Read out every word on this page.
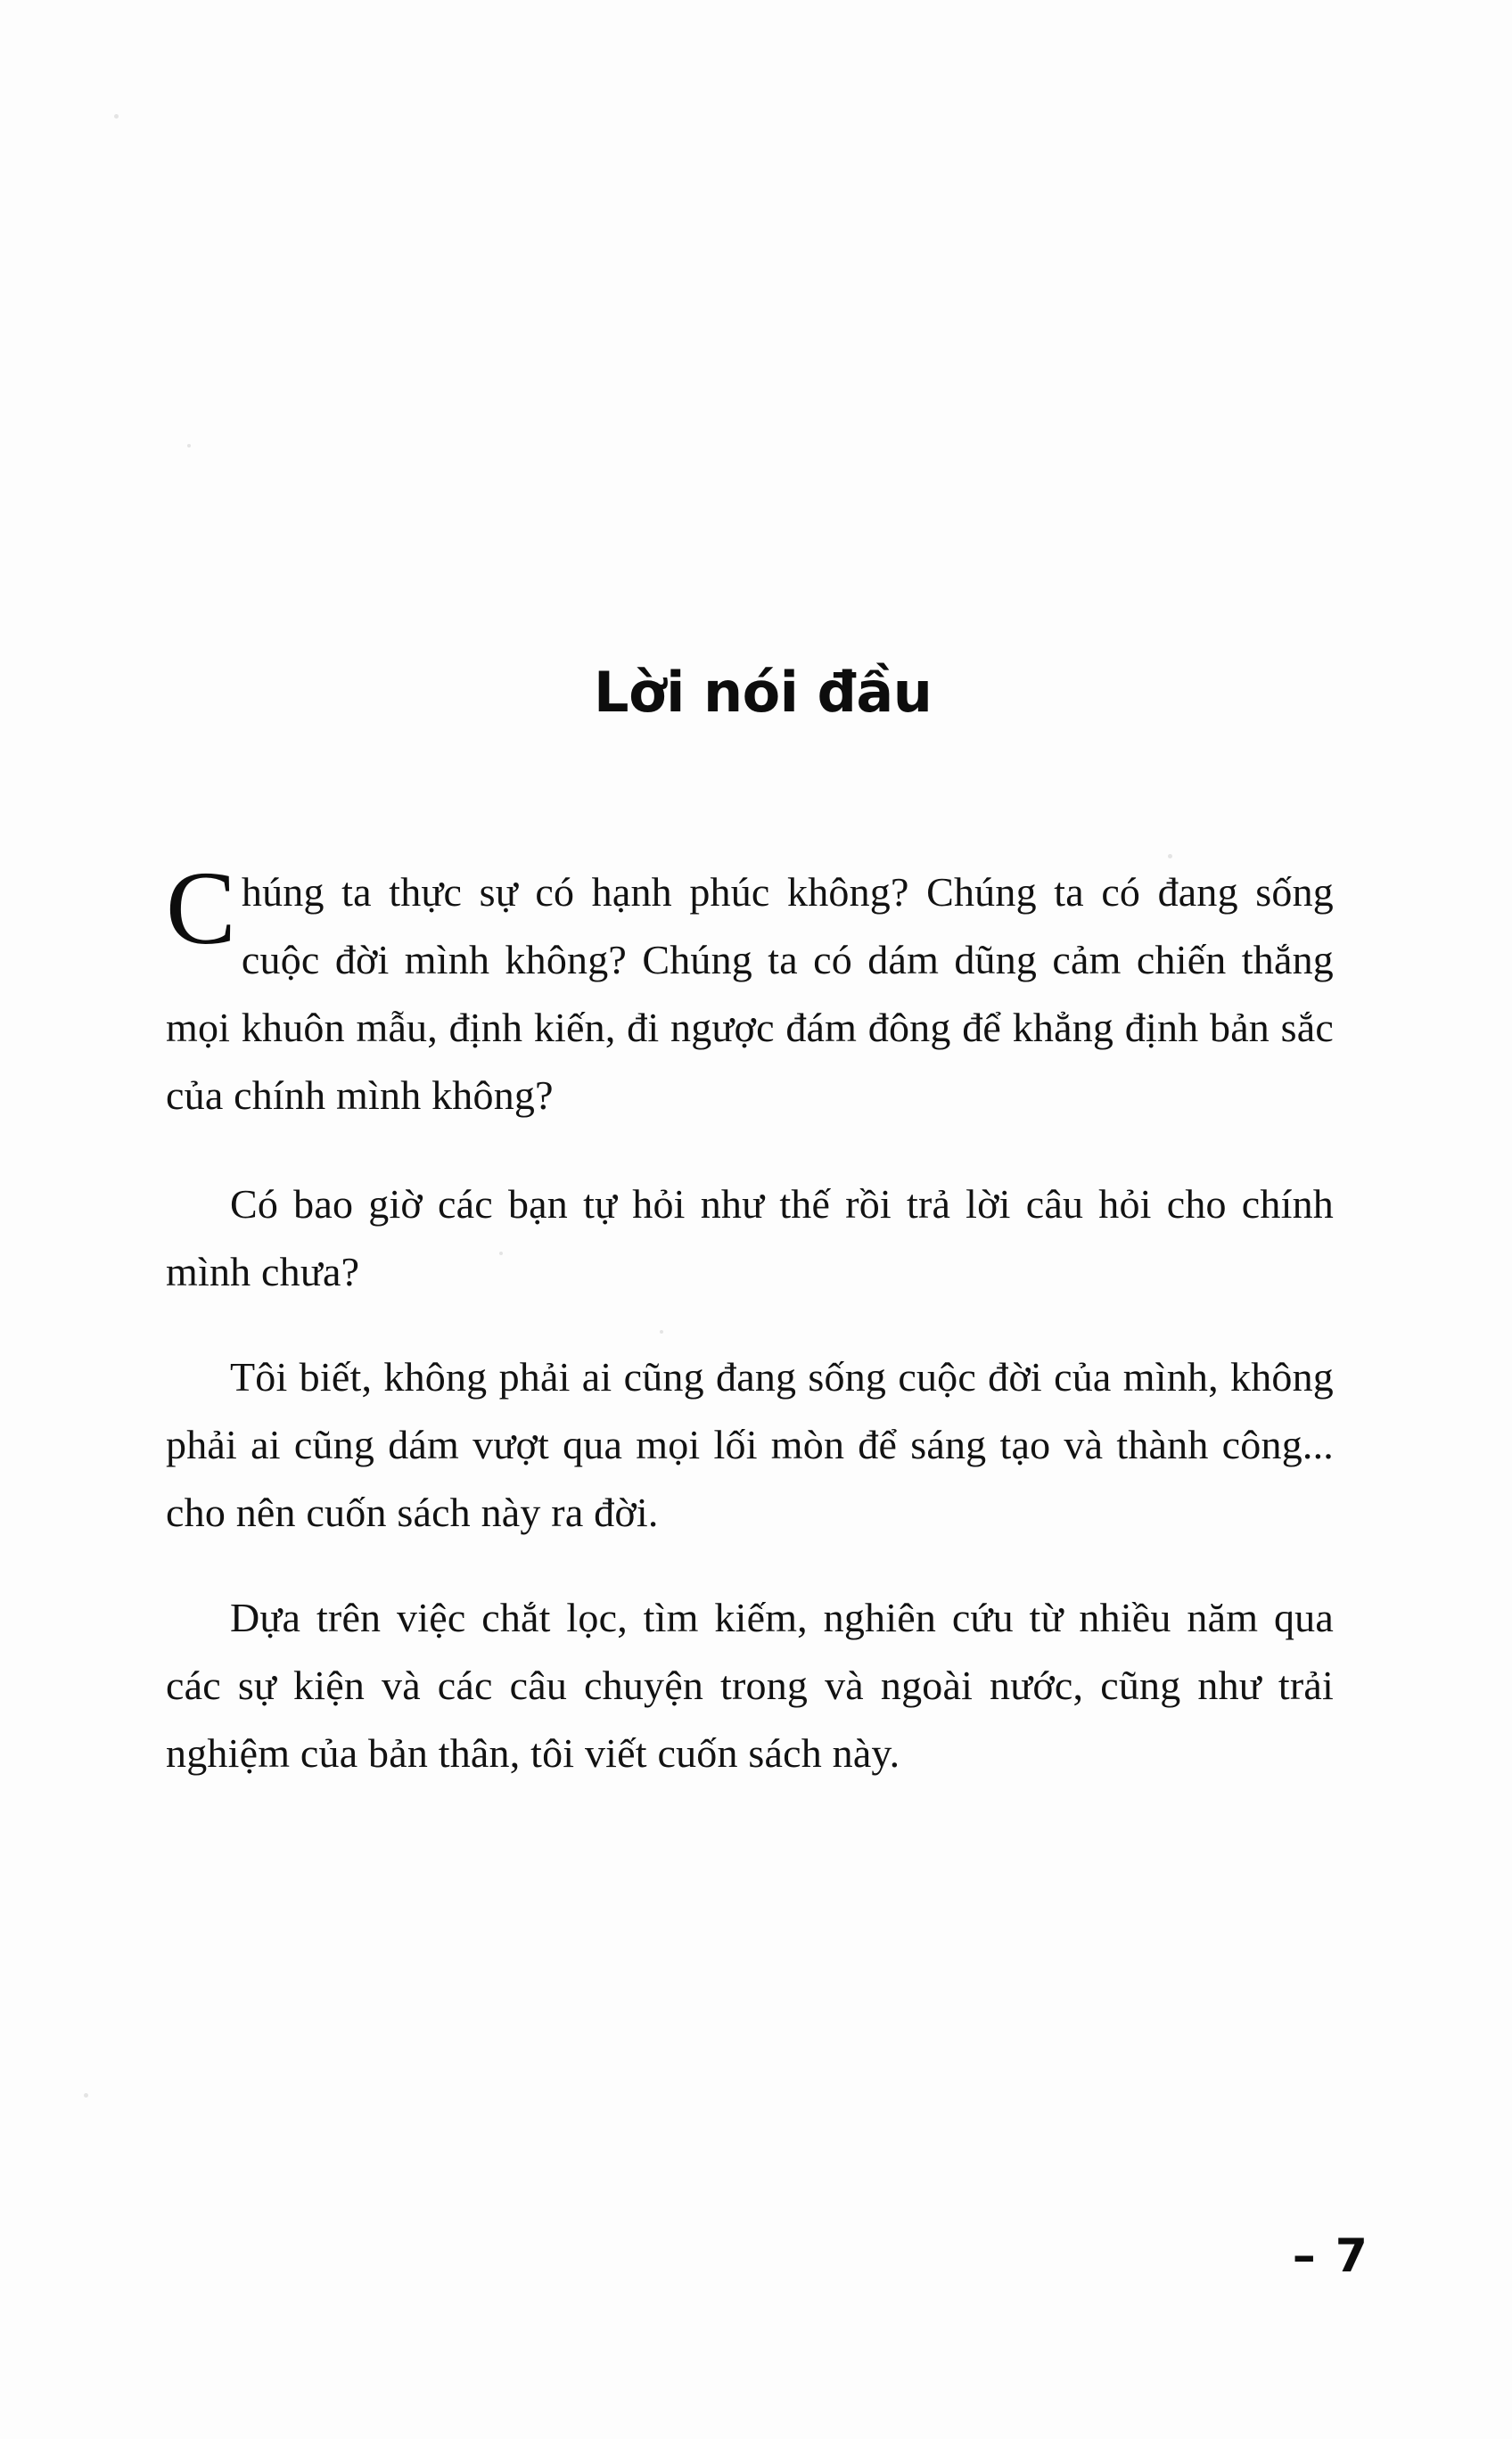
Lời nói đầu

Chúng ta thực sự có hạnh phúc không? Chúng ta có đang sống cuộc đời mình không? Chúng ta có dám dũng cảm chiến thắng mọi khuôn mẫu, định kiến, đi ngược đám đông để khẳng định bản sắc của chính mình không?

Có bao giờ các bạn tự hỏi như thế rồi trả lời câu hỏi cho chính mình chưa?

Tôi biết, không phải ai cũng đang sống cuộc đời của mình, không phải ai cũng dám vượt qua mọi lối mòn để sáng tạo và thành công... cho nên cuốn sách này ra đời.

Dựa trên việc chắt lọc, tìm kiếm, nghiên cứu từ nhiều năm qua các sự kiện và các câu chuyện trong và ngoài nước, cũng như trải nghiệm của bản thân, tôi viết cuốn sách này.

– 7
